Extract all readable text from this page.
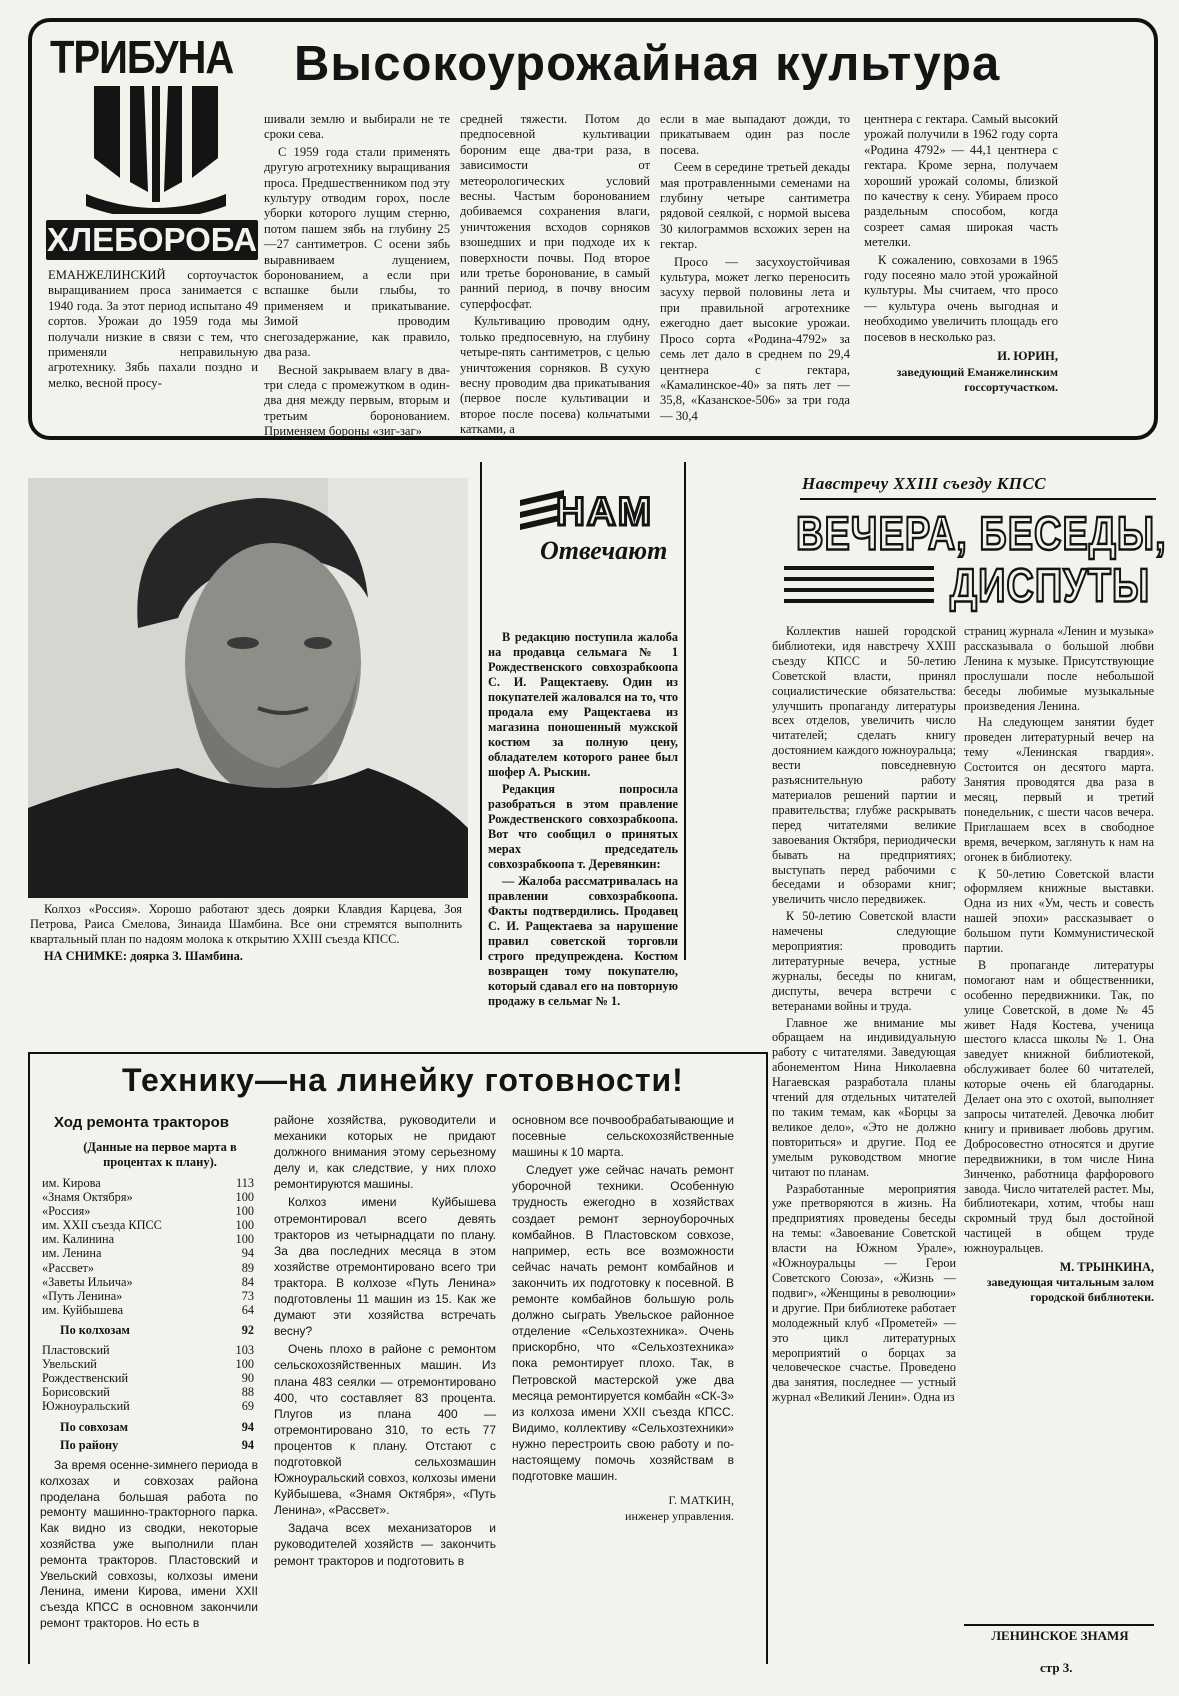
ТРИБУНА
ХЛЕБОРОБА
Высокоурожайная культура

ЕМАНЖЕЛИНСКИЙ сортоучасток выращиванием проса занимается с 1940 года. За этот период испытано 49 сортов. Урожаи до 1959 года мы получали низкие в связи с тем, что применяли неправильную агротехнику. Зябь пахали поздно и мелко, весной просу-

шивали землю и выбирали не те сроки сева.

С 1959 года стали применять другую агротехнику выращивания проса. Предшественником под эту культуру отводим горох, после уборки которого лущим стерню, потом пашем зябь на глубину 25—27 сантиметров. С осени зябь выравниваем лущением, боронованием, а если при вспашке были глыбы, то применяем и прикатывание. Зимой проводим снегозадержание, как правило, два раза.

Весной закрываем влагу в два-три следа с промежутком в один-два дня между первым, вторым и третьим боронованием. Применяем бороны «зиг-заг»

средней тяжести. Потом до предпосевной культивации бороним еще два-три раза, в зависимости от метеорологических условий весны. Частым боронованием добиваемся сохранения влаги, уничтожения всходов сорняков взошедших и при подходе их к поверхности почвы. Под второе или третье боронование, в самый ранний период, в почву вносим суперфосфат.

Культивацию проводим одну, только предпосевную, на глубину четыре-пять сантиметров, с целью уничтожения сорняков. В сухую весну проводим два прикатывания (первое после культивации и второе после посева) кольчатыми катками, а

если в мае выпадают дожди, то прикатываем один раз после посева.

Сеем в середине третьей декады мая протравленными семенами на глубину четыре сантиметра рядовой сеялкой, с нормой высева 30 килограммов всхожих зерен на гектар.

Просо — засухоустойчивая культура, может легко переносить засуху первой половины лета и при правильной агротехнике ежегодно дает высокие урожаи. Просо сорта «Родина-4792» за семь лет дало в среднем по 29,4 центнера с гектара, «Камалинское-40» за пять лет — 35,8, «Казанское-506» за три года — 30,4

центнера с гектара. Самый высокий урожай получили в 1962 году сорта «Родина 4792» — 44,1 центнера с гектара. Кроме зерна, получаем хороший урожай соломы, близкой по качеству к сену. Убираем просо раздельным способом, когда созреет самая широкая часть метелки.

К сожалению, совхозами в 1965 году посеяно мало этой урожайной культуры. Мы считаем, что просо — культура очень выгодная и необходимо увеличить площадь его посевов в несколько раз.

И. ЮРИН,
заведующий Еманжелинским госсортучастком.

Колхоз «Россия». Хорошо работают здесь доярки Клавдия Карцева, Зоя Петрова, Раиса Смелова, Зинаида Шамбина. Все они стремятся выполнить квартальный план по надоям молока к открытию XXIII съезда КПСС.

НА СНИМКЕ: доярка З. Шамбина.

НАМ
Отвечают

В редакцию поступила жалоба на продавца сельмага № 1 Рождественского совхозрабкоопа С. И. Ращектаеву. Один из покупателей жаловался на то, что продала ему Ращектаева из магазина поношенный мужской костюм за полную цену, обладателем которого ранее был шофер А. Рыскин.

Редакция попросила разобраться в этом правление Рождественского совхозрабкоопа. Вот что сообщил о принятых мерах председатель совхозрабкоопа т. Деревянкин:

— Жалоба рассматривалась на правлении совхозрабкоопа. Факты подтвердились. Продавец С. И. Ращектаева за нарушение правил советской торговли строго предупреждена. Костюм возвращен тому покупателю, который сдавал его на повторную продажу в сельмаг № 1.

Навстречу XXIII съезду КПСС
ВЕЧЕРА, БЕСЕДЫ,
ДИСПУТЫ

Коллектив нашей городской библиотеки, идя навстречу XXIII съезду КПСС и 50-летию Советской власти, принял социалистические обязательства: улучшить пропаганду литературы всех отделов, увеличить число читателей; сделать книгу достоянием каждого южноуральца; вести повседневную разъяснительную работу материалов решений партии и правительства; глубже раскрывать перед читателями великие завоевания Октября, периодически бывать на предприятиях; выступать перед рабочими с беседами и обзорами книг; увеличить число передвижек.

К 50-летию Советской власти намечены следующие мероприятия: проводить литературные вечера, устные журналы, беседы по книгам, диспуты, вечера встречи с ветеранами войны и труда.

Главное же внимание мы обращаем на индивидуальную работу с читателями. Заведующая абонементом Нина Николаевна Нагаевская разработала планы чтений для отдельных читателей по таким темам, как «Борцы за великое дело», «Это не должно повториться» и другие. Под ее умелым руководством многие читают по планам.

Разработанные мероприятия уже претворяются в жизнь. На предприятиях проведены беседы на темы: «Завоевание Советской власти на Южном Урале», «Южноуральцы — Герои Советского Союза», «Жизнь — подвиг», «Женщины в революции» и другие. При библиотеке работает молодежный клуб «Прометей» — это цикл литературных мероприятий о борцах за человеческое счастье. Проведено два занятия, последнее — устный журнал «Великий Ленин». Одна из

страниц журнала «Ленин и музыка» рассказывала о большой любви Ленина к музыке. Присутствующие прослушали после небольшой беседы любимые музыкальные произведения Ленина.

На следующем занятии будет проведен литературный вечер на тему «Ленинская гвардия». Состоится он десятого марта. Занятия проводятся два раза в месяц, первый и третий понедельник, с шести часов вечера. Приглашаем всех в свободное время, вечерком, заглянуть к нам на огонек в библиотеку.

К 50-летию Советской власти оформляем книжные выставки. Одна из них «Ум, честь и совесть нашей эпохи» рассказывает о большом пути Коммунистической партии.

В пропаганде литературы помогают нам и общественники, особенно передвижники. Так, по улице Советской, в доме № 45 живет Надя Костева, ученица шестого класса школы № 1. Она заведует книжной библиотекой, обслуживает более 60 читателей, которые очень ей благодарны. Делает она это с охотой, выполняет запросы читателей. Девочка любит книгу и прививает любовь другим. Добросовестно относятся и другие передвижники, в том числе Нина Зинченко, работница фарфорового завода. Число читателей растет. Мы, библиотекари, хотим, чтобы наш скромный труд был достойной частицей в общем труде южноуральцев.

М. ТРЫНКИНА,
заведующая читальным залом городской библиотеки.
ЛЕНИНСКОЕ ЗНАМЯ
стр 3.
Технику—на линейку готовности!
Ход ремонта тракторов
(Данные на первое марта в процентах к плану).
им. Кирова	113
«Знамя Октября»	100
«Россия»	100
им. XXII съезда КПСС	100
им. Калинина	100
им. Ленина	94
«Рассвет»	89
«Заветы Ильича»	84
«Путь Ленина»	73
им. Куйбышева	64
По колхозам	92
Пластовский	103
Увельский	100
Рождественский	90
Борисовский	88
Южноуральский	69
По совхозам	94
По району	94

За время осенне-зимнего периода в колхозах и совхозах района проделана большая работа по ремонту машинно-тракторного парка. Как видно из сводки, некоторые хозяйства уже выполнили план ремонта тракторов. Пластовский и Увельский совхозы, колхозы имени Ленина, имени Кирова, имени XXII съезда КПСС в основном закончили ремонт тракторов. Но есть в

районе хозяйства, руководители и механики которых не придают должного внимания этому серьезному делу и, как следствие, у них плохо ремонтируются машины.

Колхоз имени Куйбышева отремонтировал всего девять тракторов из четырнадцати по плану. За два последних месяца в этом хозяйстве отремонтировано всего три трактора. В колхозе «Путь Ленина» подготовлены 11 машин из 15. Как же думают эти хозяйства встречать весну?

Очень плохо в районе с ремонтом сельскохозяйственных машин. Из плана 483 сеялки — отремонтировано 400, что составляет 83 процента. Плугов из плана 400 — отремонтировано 310, то есть 77 процентов к плану. Отстают с подготовкой сельхозмашин Южноуральский совхоз, колхозы имени Куйбышева, «Знамя Октября», «Путь Ленина», «Рассвет».

Задача всех механизаторов и руководителей хозяйств — закончить ремонт тракторов и подготовить в

основном все почвообрабатывающие и посевные сельскохозяйственные машины к 10 марта.

Следует уже сейчас начать ремонт уборочной техники. Особенную трудность ежегодно в хозяйствах создает ремонт зерноуборочных комбайнов. В Пластовском совхозе, например, есть все возможности сейчас начать ремонт комбайнов и закончить их подготовку к посевной. В ремонте комбайнов большую роль должно сыграть Увельское районное отделение «Сельхозтехника». Очень прискорбно, что «Сельхозтехника» пока ремонтирует плохо. Так, в Петровской мастерской уже два месяца ремонтируется комбайн «СК-3» из колхоза имени XXII съезда КПСС. Видимо, коллективу «Сельхозтехники» нужно перестроить свою работу и по-настоящему помочь хозяйствам в подготовке машин.

Г. МАТКИН,
инженер управления.
